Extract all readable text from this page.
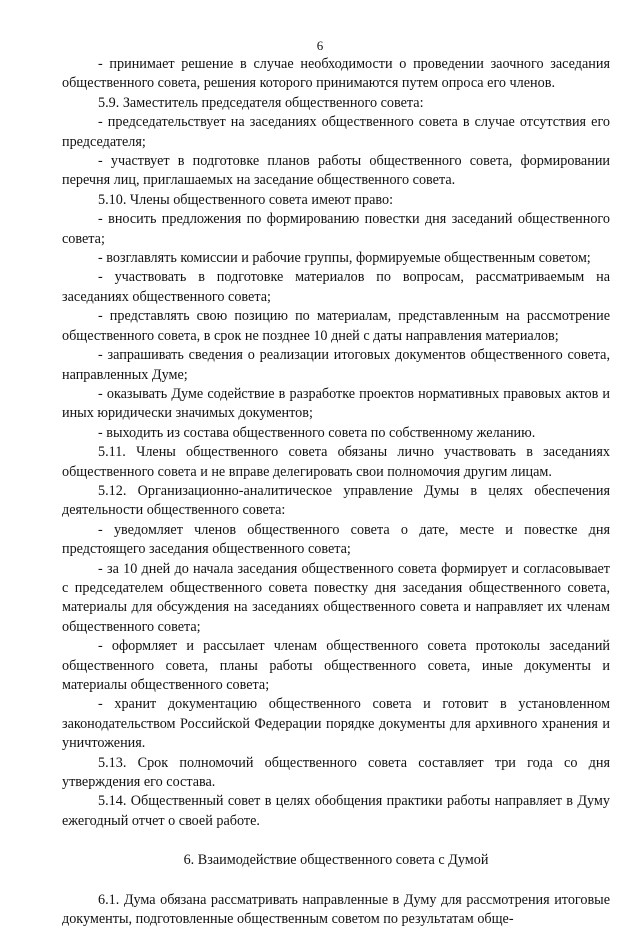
6

- принимает решение в случае необходимости о проведении заочного заседания общественного совета, решения которого принимаются путем опроса его членов.

5.9. Заместитель председателя общественного совета:

- председательствует на заседаниях общественного совета в случае отсутствия его председателя;

- участвует в подготовке планов работы общественного совета, формировании перечня лиц, приглашаемых на заседание общественного совета.

5.10. Члены общественного совета имеют право:

- вносить предложения по формированию повестки дня заседаний общественного совета;

- возглавлять комиссии и рабочие группы, формируемые общественным советом;

- участвовать в подготовке материалов по вопросам, рассматриваемым на заседаниях общественного совета;

- представлять свою позицию по материалам, представленным на рассмотрение общественного совета, в срок не позднее 10 дней с даты направления материалов;

- запрашивать сведения о реализации итоговых документов общественного совета, направленных Думе;

- оказывать Думе содействие в разработке проектов нормативных правовых актов и иных юридически значимых документов;

- выходить из состава общественного совета по собственному желанию.

5.11. Члены общественного совета обязаны лично участвовать в заседаниях общественного совета и не вправе делегировать свои полномочия другим лицам.

5.12. Организационно-аналитическое управление Думы в целях обеспечения деятельности общественного совета:

- уведомляет членов общественного совета о дате, месте и повестке дня предстоящего заседания общественного совета;

- за 10 дней до начала заседания общественного совета формирует и согласовывает с председателем общественного совета повестку дня заседания общественного совета, материалы для обсуждения на заседаниях общественного совета и направляет их членам общественного совета;

- оформляет и рассылает членам общественного совета протоколы заседаний общественного совета, планы работы общественного совета, иные документы и материалы общественного совета;

- хранит документацию общественного совета и готовит в установленном законодательством Российской Федерации порядке документы для архивного хранения и уничтожения.

5.13. Срок полномочий общественного совета составляет три года со дня утверждения его состава.

5.14. Общественный совет в целях обобщения практики работы направляет в Думу ежегодный отчет о своей работе.

6. Взаимодействие общественного совета с Думой

6.1. Дума обязана рассматривать направленные в Думу для рассмотрения итоговые документы, подготовленные общественным советом по результатам обще-
